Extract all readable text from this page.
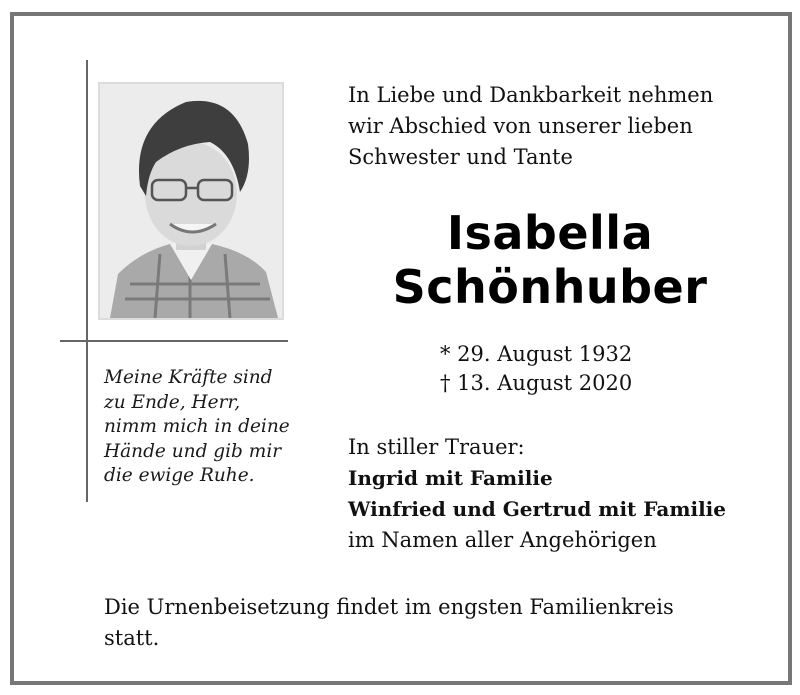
Meine Kräfte sind
zu Ende, Herr,
nimm mich in deine
Hände und gib mir
die ewige Ruhe.
In Liebe und Dankbarkeit nehmen
wir Abschied von unserer lieben
Schwester und Tante
Isabella
Schönhuber
* 29. August 1932
† 13. August 2020
In stiller Trauer:
Ingrid mit Familie
Winfried und Gertrud mit Familie
im Namen aller Angehörigen
Die Urnenbeisetzung findet im engsten Familienkreis
statt.
